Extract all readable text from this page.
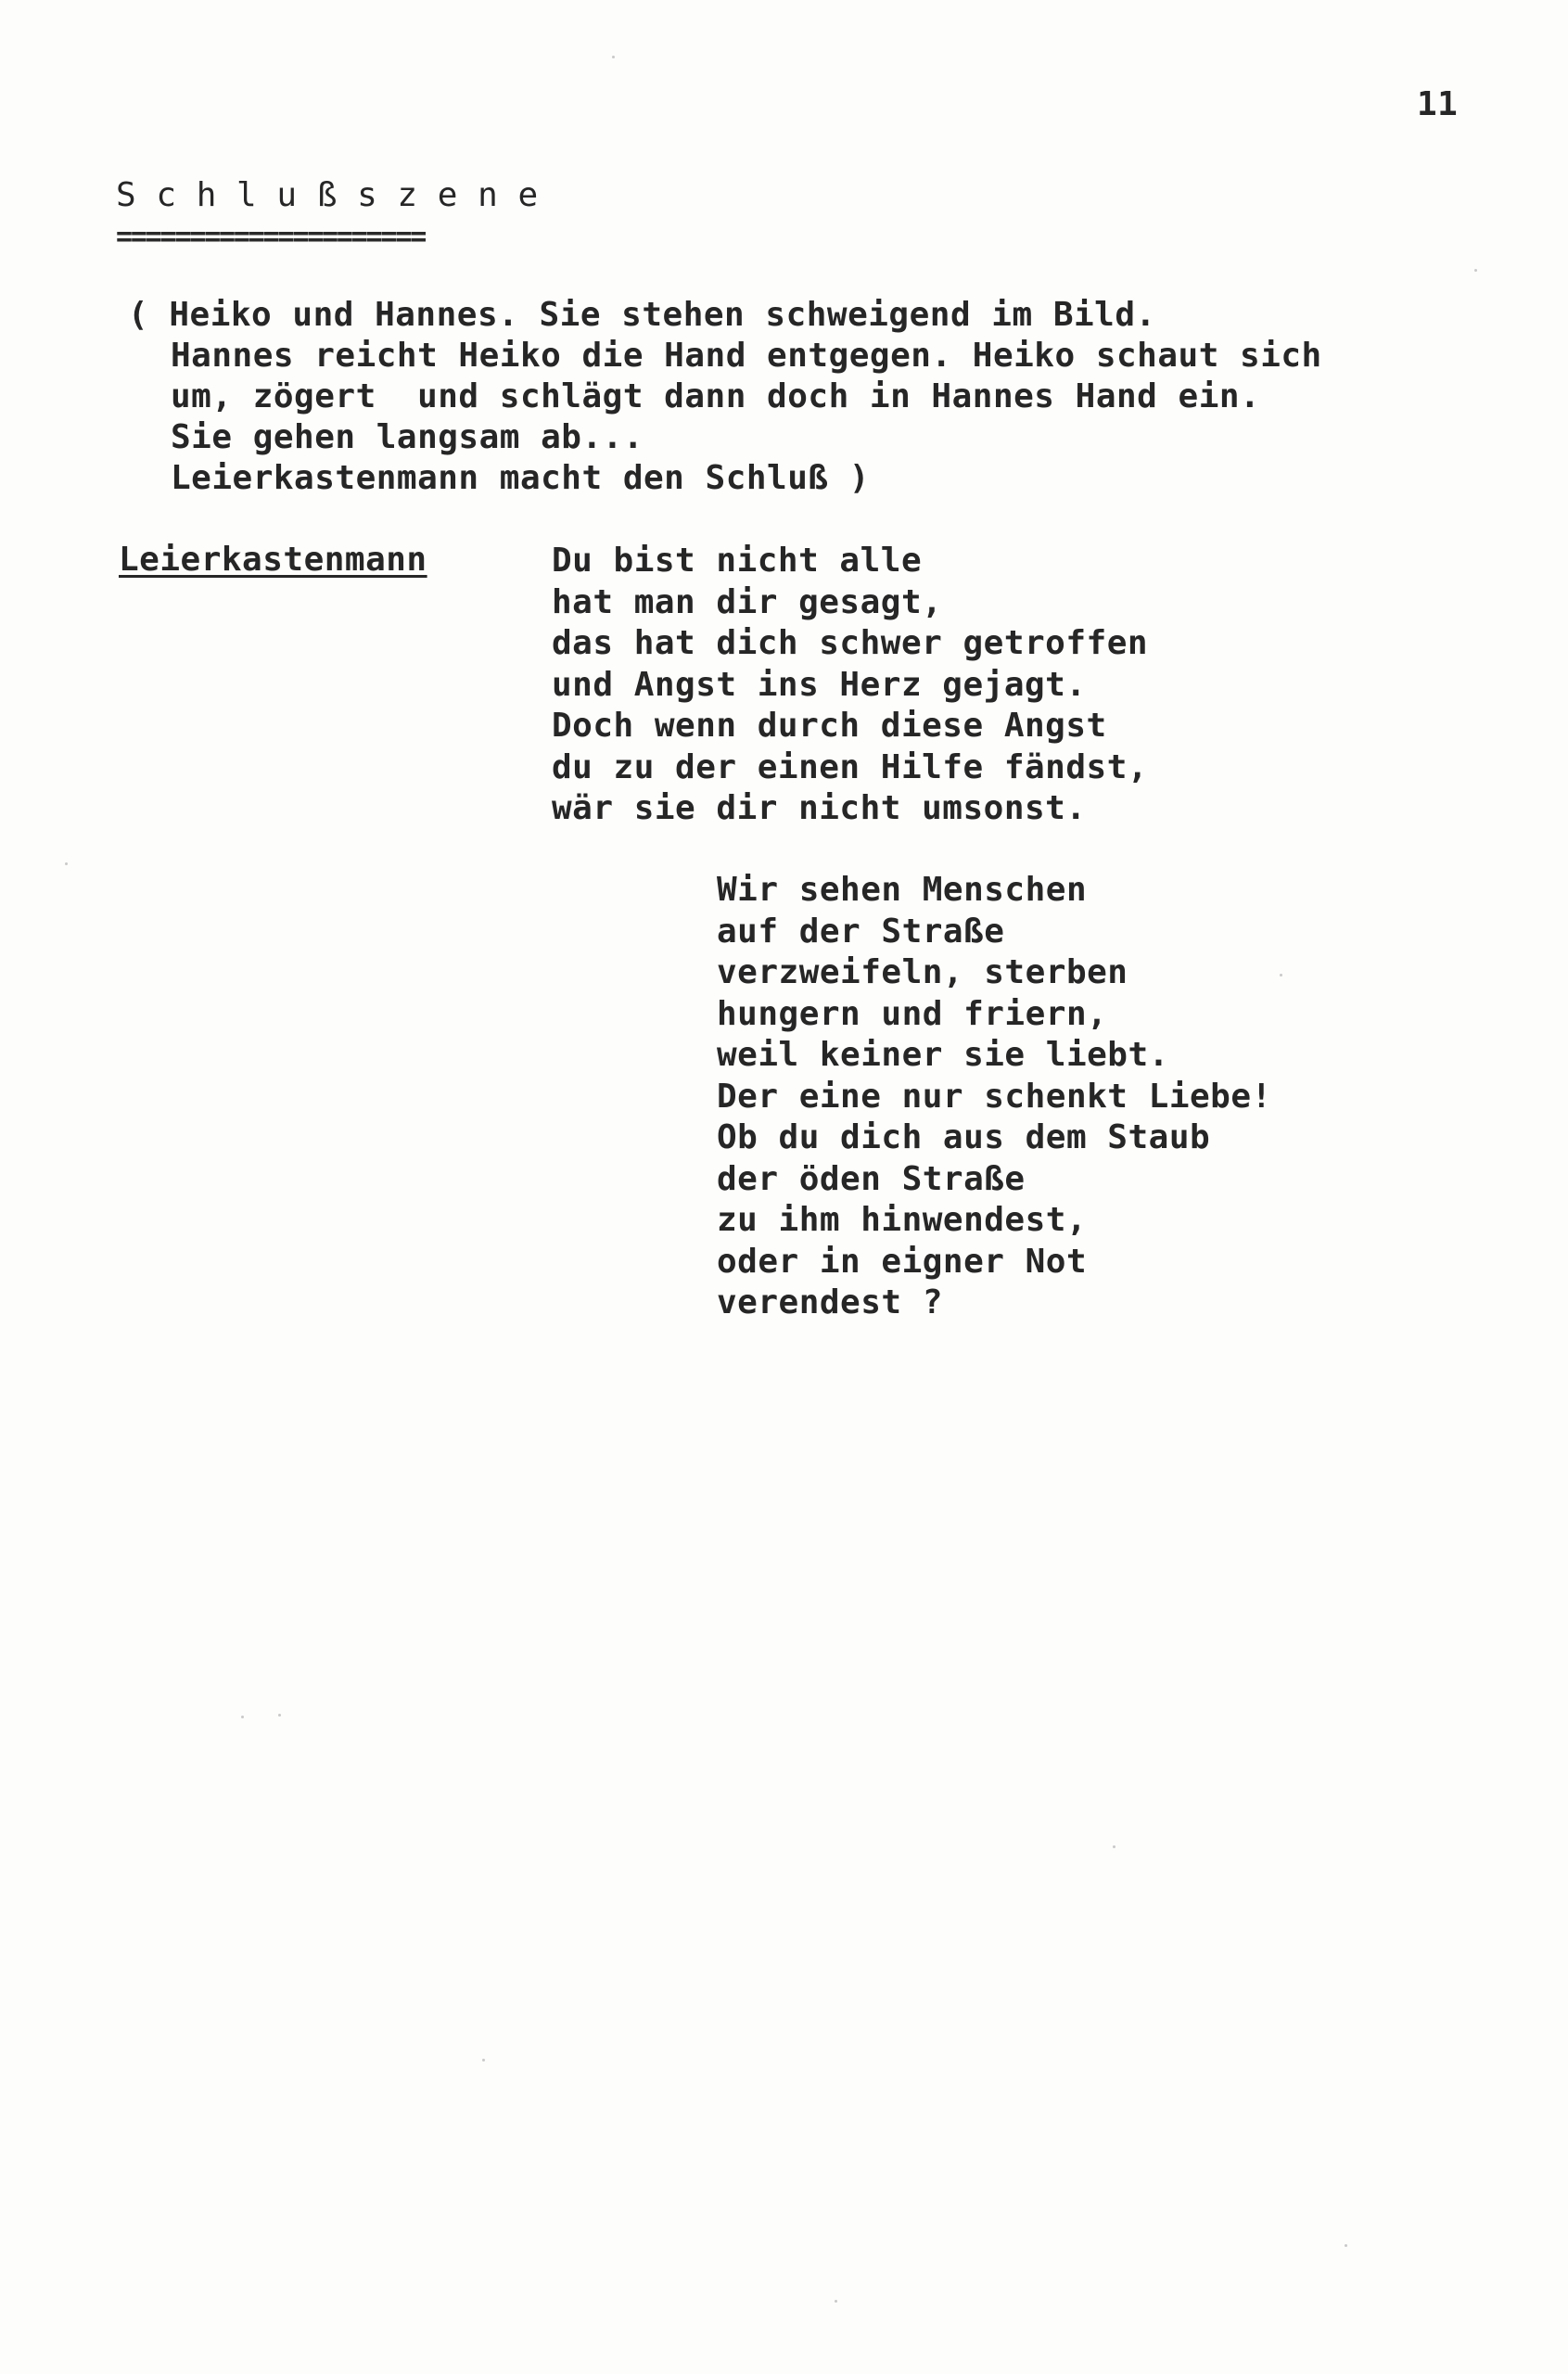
11
S c h l u ß s z e n e
=====================
( Heiko und Hannes. Sie stehen schweigend im Bild.
Hannes reicht Heiko die Hand entgegen. Heiko schaut sich
um, zögert  und schlägt dann doch in Hannes Hand ein.
Sie gehen langsam ab...
Leierkastenmann macht den Schluß )
Leierkastenmann	Du bist nicht alle
hat man dir gesagt,
das hat dich schwer getroffen
und Angst ins Herz gejagt.
Doch wenn durch diese Angst
du zu der einen Hilfe fändst,
wär sie dir nicht umsonst.
Wir sehen Menschen
auf der Straße
verzweifeln, sterben
hungern und friern,
weil keiner sie liebt.
Der eine nur schenkt Liebe!
Ob du dich aus dem Staub
der öden Straße
zu ihm hinwendest,
oder in eigner Not
verendest ?
